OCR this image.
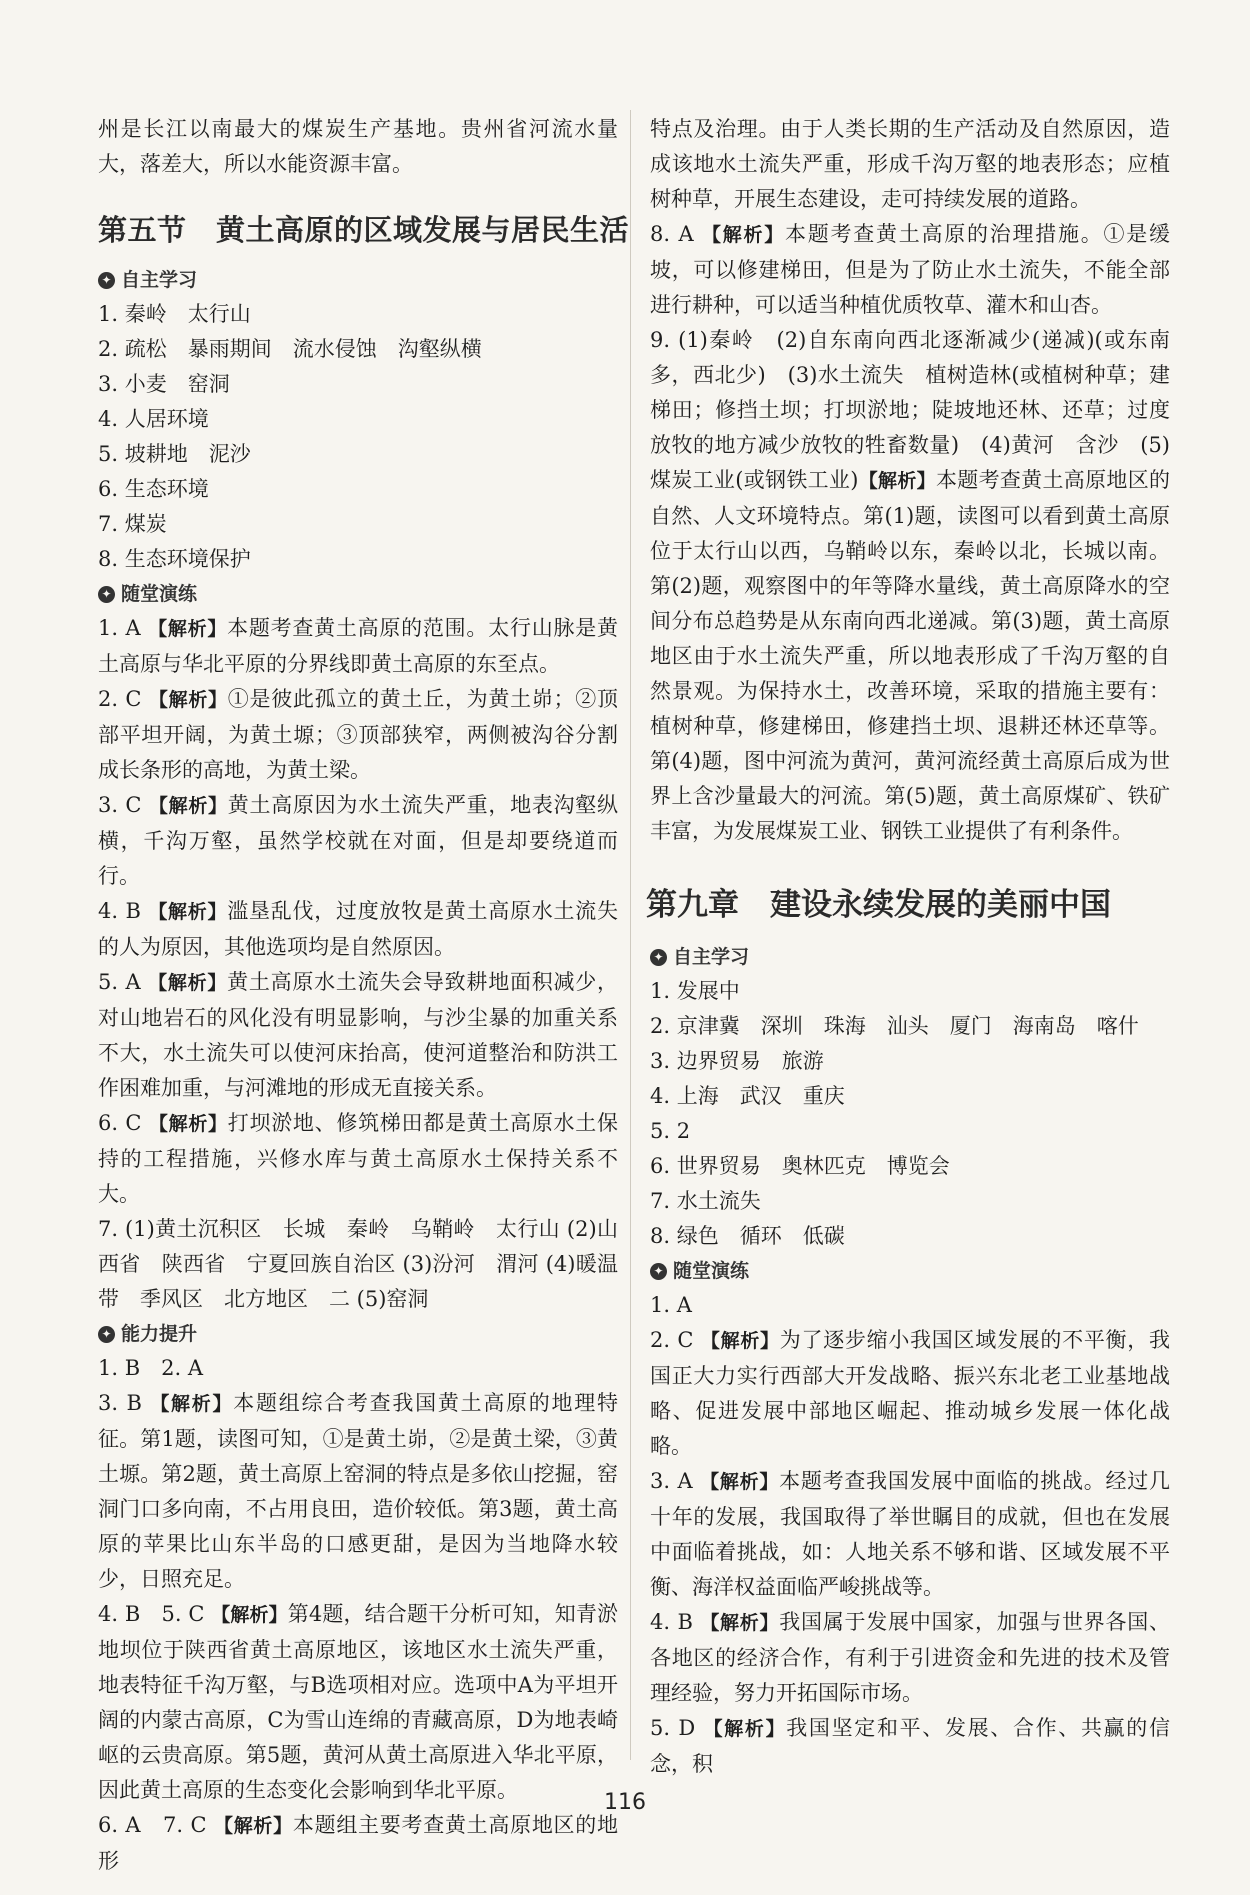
州是长江以南最大的煤炭生产基地。贵州省河流水量大，落差大，所以水能资源丰富。

第五节　黄土高原的区域发展与居民生活
✦ 自主学习

1. 秦岭　太行山

2. 疏松　暴雨期间　流水侵蚀　沟壑纵横

3. 小麦　窑洞

4. 人居环境

5. 坡耕地　泥沙

6. 生态环境

7. 煤炭

8. 生态环境保护

✦ 随堂演练

1. A 【解析】本题考查黄土高原的范围。太行山脉是黄土高原与华北平原的分界线即黄土高原的东至点。

2. C 【解析】①是彼此孤立的黄土丘，为黄土峁；②顶部平坦开阔，为黄土塬；③顶部狭窄，两侧被沟谷分割成长条形的高地，为黄土梁。

3. C 【解析】黄土高原因为水土流失严重，地表沟壑纵横，千沟万壑，虽然学校就在对面，但是却要绕道而行。

4. B 【解析】滥垦乱伐，过度放牧是黄土高原水土流失的人为原因，其他选项均是自然原因。

5. A 【解析】黄土高原水土流失会导致耕地面积减少，对山地岩石的风化没有明显影响，与沙尘暴的加重关系不大，水土流失可以使河床抬高，使河道整治和防洪工作困难加重，与河滩地的形成无直接关系。

6. C 【解析】打坝淤地、修筑梯田都是黄土高原水土保持的工程措施，兴修水库与黄土高原水土保持关系不大。

7. (1)黄土沉积区　长城　秦岭　乌鞘岭　太行山 (2)山西省　陕西省　宁夏回族自治区 (3)汾河　渭河 (4)暖温带　季风区　北方地区　二 (5)窑洞

✦ 能力提升

1. B　2. A

3. B 【解析】本题组综合考查我国黄土高原的地理特征。第1题，读图可知，①是黄土峁，②是黄土梁，③黄土塬。第2题，黄土高原上窑洞的特点是多依山挖掘，窑洞门口多向南，不占用良田，造价较低。第3题，黄土高原的苹果比山东半岛的口感更甜，是因为当地降水较少，日照充足。

4. B　5. C 【解析】第4题，结合题干分析可知，知青淤地坝位于陕西省黄土高原地区，该地区水土流失严重，地表特征千沟万壑，与B选项相对应。选项中A为平坦开阔的内蒙古高原，C为雪山连绵的青藏高原，D为地表崎岖的云贵高原。第5题，黄河从黄土高原进入华北平原，因此黄土高原的生态变化会影响到华北平原。

6. A　7. C 【解析】本题组主要考查黄土高原地区的地形

特点及治理。由于人类长期的生产活动及自然原因，造成该地水土流失严重，形成千沟万壑的地表形态；应植树种草，开展生态建设，走可持续发展的道路。

8. A 【解析】本题考查黄土高原的治理措施。①是缓坡，可以修建梯田，但是为了防止水土流失，不能全部进行耕种，可以适当种植优质牧草、灌木和山杏。

9. (1)秦岭　(2)自东南向西北逐渐减少(递减)(或东南多，西北少)　(3)水土流失　植树造林(或植树种草；建梯田；修挡土坝；打坝淤地；陡坡地还林、还草；过度放牧的地方减少放牧的牲畜数量)　(4)黄河　含沙　(5)煤炭工业(或钢铁工业)【解析】本题考查黄土高原地区的自然、人文环境特点。第(1)题，读图可以看到黄土高原位于太行山以西，乌鞘岭以东，秦岭以北，长城以南。第(2)题，观察图中的年等降水量线，黄土高原降水的空间分布总趋势是从东南向西北递减。第(3)题，黄土高原地区由于水土流失严重，所以地表形成了千沟万壑的自然景观。为保持水土，改善环境，采取的措施主要有：植树种草，修建梯田，修建挡土坝、退耕还林还草等。第(4)题，图中河流为黄河，黄河流经黄土高原后成为世界上含沙量最大的河流。第(5)题，黄土高原煤矿、铁矿丰富，为发展煤炭工业、钢铁工业提供了有利条件。

第九章　建设永续发展的美丽中国
✦ 自主学习

1. 发展中

2. 京津冀　深圳　珠海　汕头　厦门　海南岛　喀什

3. 边界贸易　旅游

4. 上海　武汉　重庆

5. 2

6. 世界贸易　奥林匹克　博览会

7. 水土流失

8. 绿色　循环　低碳

✦ 随堂演练

1. A

2. C 【解析】为了逐步缩小我国区域发展的不平衡，我国正大力实行西部大开发战略、振兴东北老工业基地战略、促进发展中部地区崛起、推动城乡发展一体化战略。

3. A 【解析】本题考查我国发展中面临的挑战。经过几十年的发展，我国取得了举世瞩目的成就，但也在发展中面临着挑战，如：人地关系不够和谐、区域发展不平衡、海洋权益面临严峻挑战等。

4. B 【解析】我国属于发展中国家，加强与世界各国、各地区的经济合作，有利于引进资金和先进的技术及管理经验，努力开拓国际市场。

5. D 【解析】我国坚定和平、发展、合作、共赢的信念，积

116
